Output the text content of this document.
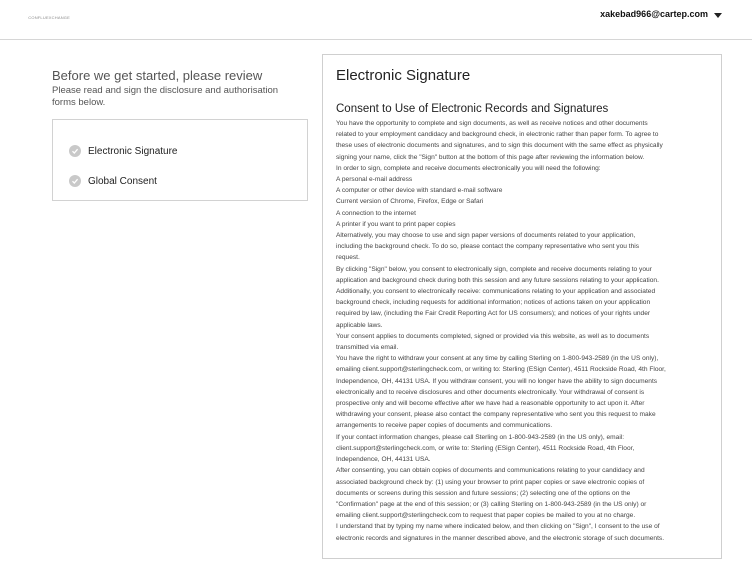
CONFLUEXCHANGE	xakebad966@cartep.com
Before we get started, please review
Please read and sign the disclosure and authorisation forms below.
Electronic Signature
Global Consent
Electronic Signature
Consent to Use of Electronic Records and Signatures

You have the opportunity to complete and sign documents, as well as receive notices and other documents
related to your employment candidacy and background check, in electronic rather than paper form. To agree to
these uses of electronic documents and signatures, and to sign this document with the same effect as physically
signing your name, click the "Sign" button at the bottom of this page after reviewing the information below.
In order to sign, complete and receive documents electronically you will need the following:
A personal e-mail address
A computer or other device with standard e-mail software
Current version of Chrome, Firefox, Edge or Safari
A connection to the internet
A printer if you want to print paper copies
Alternatively, you may choose to use and sign paper versions of documents related to your application,
including the background check. To do so, please contact the company representative who sent you this
request.
By clicking "Sign" below, you consent to electronically sign, complete and receive documents relating to your
application and background check during both this session and any future sessions relating to your application.
Additionally, you consent to electronically receive: communications relating to your application and associated
background check, including requests for additional information; notices of actions taken on your application
required by law, (including the Fair Credit Reporting Act for US consumers); and notices of your rights under
applicable laws.
Your consent applies to documents completed, signed or provided via this website, as well as to documents
transmitted via email.
You have the right to withdraw your consent at any time by calling Sterling on 1-800-943-2589 (in the US only),
emailing client.support@sterlingcheck.com, or writing to: Sterling (ESign Center), 4511 Rockside Road, 4th Floor,
Independence, OH, 44131 USA. If you withdraw consent, you will no longer have the ability to sign documents
electronically and to receive disclosures and other documents electronically. Your withdrawal of consent is
prospective only and will become effective after we have had a reasonable opportunity to act upon it. After
withdrawing your consent, please also contact the company representative who sent you this request to make
arrangements to receive paper copies of documents and communications.
If your contact information changes, please call Sterling on 1-800-943-2589 (in the US only), email:
client.support@sterlingcheck.com, or write to: Sterling (ESign Center), 4511 Rockside Road, 4th Floor,
Independence, OH, 44131 USA.
After consenting, you can obtain copies of documents and communications relating to your candidacy and
associated background check by: (1) using your browser to print paper copies or save electronic copies of
documents or screens during this session and future sessions; (2) selecting one of the options on the
"Confirmation" page at the end of this session; or (3) calling Sterling on 1-800-943-2589 (in the US only) or
emailing client.support@sterlingcheck.com to request that paper copies be mailed to you at no charge.
I understand that by typing my name where indicated below, and then clicking on "Sign", I consent to the use of
electronic records and signatures in the manner described above, and the electronic storage of such documents.
